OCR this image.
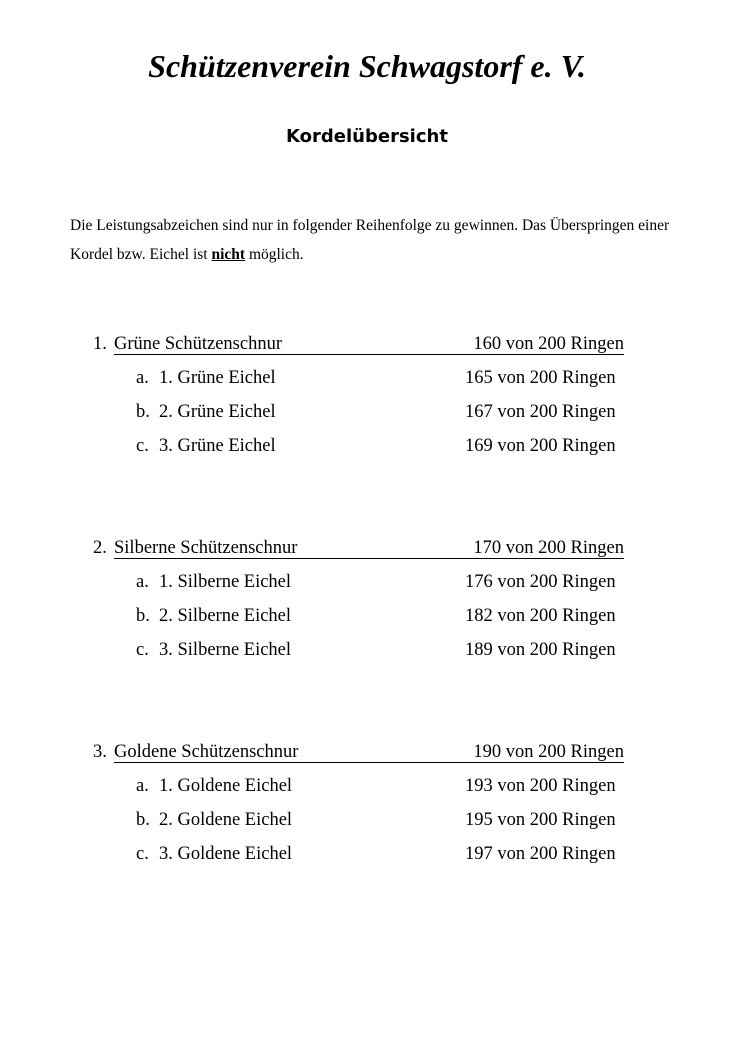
Schützenverein Schwagstorf e. V.
Kordelübersicht
Die Leistungsabzeichen sind nur in folgender Reihenfolge zu gewinnen. Das Überspringen einer Kordel bzw. Eichel ist nicht möglich.
1. Grüne Schützenschnur	160 von 200 Ringen
a. 1. Grüne Eichel	165 von 200 Ringen
b. 2. Grüne Eichel	167 von 200 Ringen
c. 3. Grüne Eichel	169 von 200 Ringen
2. Silberne Schützenschnur	170 von 200 Ringen
a. 1. Silberne Eichel	176 von 200 Ringen
b. 2. Silberne Eichel	182 von 200 Ringen
c. 3. Silberne Eichel	189 von 200 Ringen
3. Goldene Schützenschnur	190 von 200 Ringen
a. 1. Goldene Eichel	193 von 200 Ringen
b. 2. Goldene Eichel	195 von 200 Ringen
c. 3. Goldene Eichel	197 von 200 Ringen
